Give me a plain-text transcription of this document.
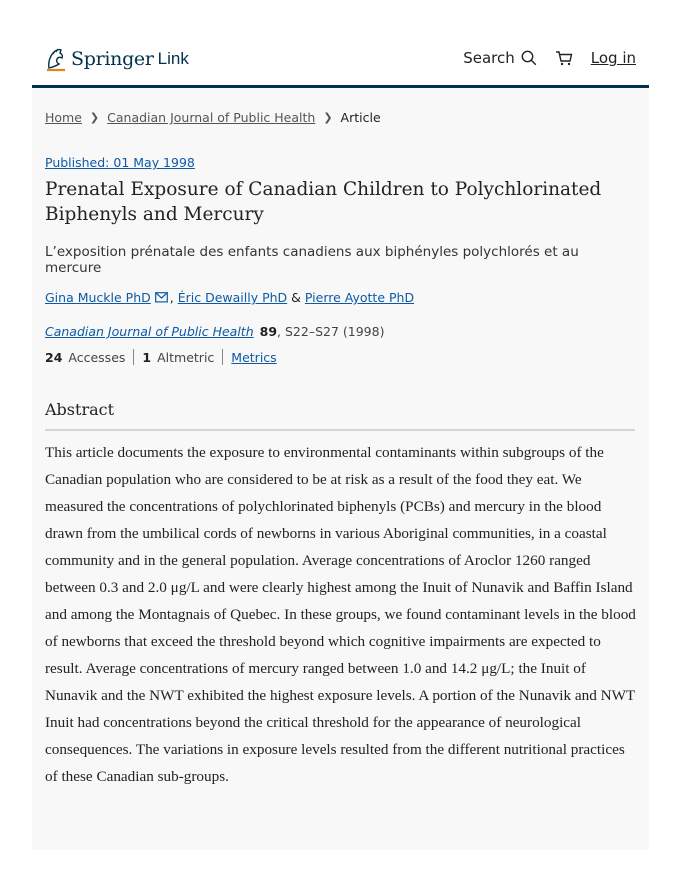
Springer Link	Search	Log in
Home ❯ Canadian Journal of Public Health ❯ Article
Published: 01 May 1998
Prenatal Exposure of Canadian Children to Polychlorinated Biphenyls and Mercury
L’exposition prénatale des enfants canadiens aux biphényles polychlorés et au mercure
Gina Muckle PhD ,
Éric Dewailly PhD
&
Pierre Ayotte PhD
Canadian Journal of Public Health 89, S22–S27 (1998)
24 Accesses 1 Altmetric Metrics
Abstract

This article documents the exposure to environmental contaminants within subgroups of the Canadian population who are considered to be at risk as a result of the food they eat. We measured the concentrations of polychlorinated biphenyls (PCBs) and mercury in the blood drawn from the umbilical cords of newborns in various Aboriginal communities, in a coastal community and in the general population. Average concentrations of Aroclor 1260 ranged between 0.3 and 2.0 μg/L and were clearly highest among the Inuit of Nunavik and Baffin Island and among the Montagnais of Quebec. In these groups, we found contaminant levels in the blood of newborns that exceed the threshold beyond which cognitive impairments are expected to result. Average concentrations of mercury ranged between 1.0 and 14.2 μg/L; the Inuit of Nunavik and the NWT exhibited the highest exposure levels. A portion of the Nunavik and NWT Inuit had concentrations beyond the critical threshold for the appearance of neurological consequences. The variations in exposure levels resulted from the different nutritional practices of these Canadian sub-groups.
